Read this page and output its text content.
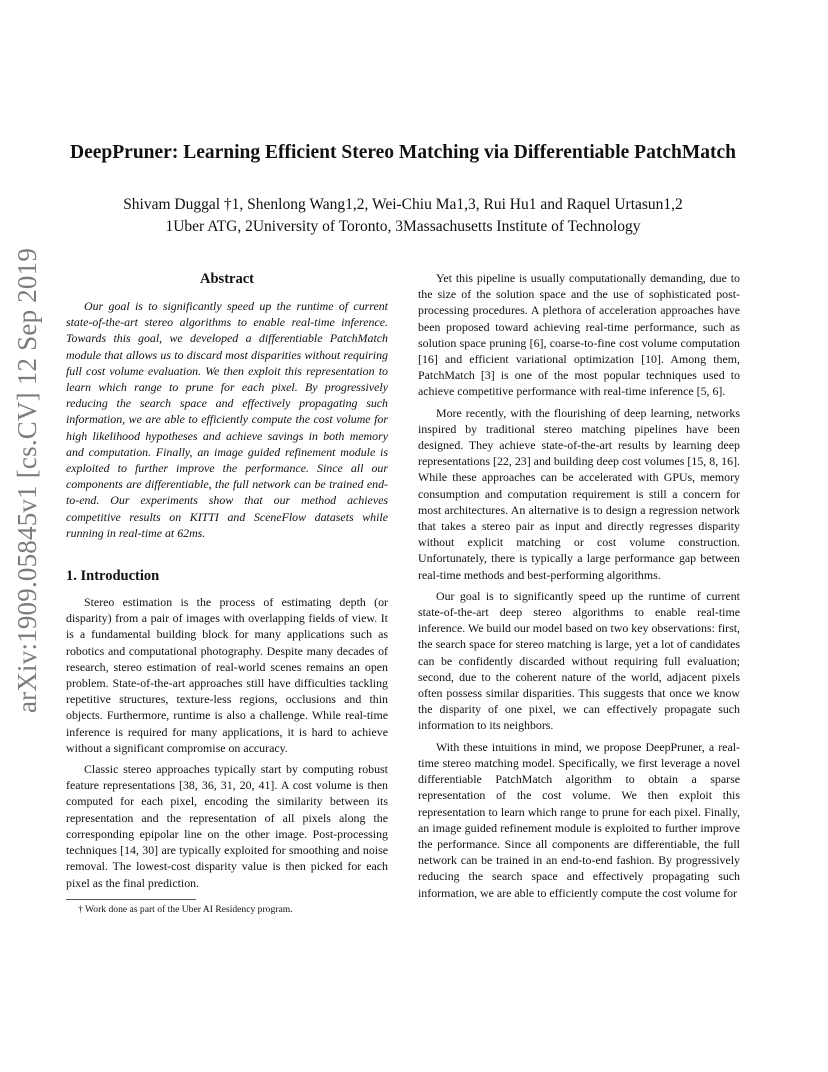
arXiv:1909.05845v1 [cs.CV] 12 Sep 2019
DeepPruner: Learning Efficient Stereo Matching via Differentiable PatchMatch
Shivam Duggal †1, Shenlong Wang1,2, Wei-Chiu Ma1,3, Rui Hu1 and Raquel Urtasun1,2
1Uber ATG, 2University of Toronto, 3Massachusetts Institute of Technology
Abstract

Our goal is to significantly speed up the runtime of current state-of-the-art stereo algorithms to enable real-time inference. Towards this goal, we developed a differentiable PatchMatch module that allows us to discard most disparities without requiring full cost volume evaluation. We then exploit this representation to learn which range to prune for each pixel. By progressively reducing the search space and effectively propagating such information, we are able to efficiently compute the cost volume for high likelihood hypotheses and achieve savings in both memory and computation. Finally, an image guided refinement module is exploited to further improve the performance. Since all our components are differentiable, the full network can be trained end-to-end. Our experiments show that our method achieves competitive results on KITTI and SceneFlow datasets while running in real-time at 62ms.

1. Introduction

Stereo estimation is the process of estimating depth (or disparity) from a pair of images with overlapping fields of view. It is a fundamental building block for many applications such as robotics and computational photography. Despite many decades of research, stereo estimation of real-world scenes remains an open problem. State-of-the-art approaches still have difficulties tackling repetitive structures, texture-less regions, occlusions and thin objects. Furthermore, runtime is also a challenge. While real-time inference is required for many applications, it is hard to achieve without a significant compromise on accuracy.

Classic stereo approaches typically start by computing robust feature representations [38, 36, 31, 20, 41]. A cost volume is then computed for each pixel, encoding the similarity between its representation and the representation of all pixels along the corresponding epipolar line on the other image. Post-processing techniques [14, 30] are typically exploited for smoothing and noise removal. The lowest-cost disparity value is then picked for each pixel as the final prediction.

† Work done as part of the Uber AI Residency program.

Yet this pipeline is usually computationally demanding, due to the size of the solution space and the use of sophisticated post-processing procedures. A plethora of acceleration approaches have been proposed toward achieving real-time performance, such as solution space pruning [6], coarse-to-fine cost volume computation [16] and efficient variational optimization [10]. Among them, PatchMatch [3] is one of the most popular techniques used to achieve competitive performance with real-time inference [5, 6].

More recently, with the flourishing of deep learning, networks inspired by traditional stereo matching pipelines have been designed. They achieve state-of-the-art results by learning deep representations [22, 23] and building deep cost volumes [15, 8, 16]. While these approaches can be accelerated with GPUs, memory consumption and computation requirement is still a concern for most architectures. An alternative is to design a regression network that takes a stereo pair as input and directly regresses disparity without explicit matching or cost volume construction. Unfortunately, there is typically a large performance gap between real-time methods and best-performing algorithms.

Our goal is to significantly speed up the runtime of current state-of-the-art deep stereo algorithms to enable real-time inference. We build our model based on two key observations: first, the search space for stereo matching is large, yet a lot of candidates can be confidently discarded without requiring full evaluation; second, due to the coherent nature of the world, adjacent pixels often possess similar disparities. This suggests that once we know the disparity of one pixel, we can effectively propagate such information to its neighbors.

With these intuitions in mind, we propose DeepPruner, a real-time stereo matching model. Specifically, we first leverage a novel differentiable PatchMatch algorithm to obtain a sparse representation of the cost volume. We then exploit this representation to learn which range to prune for each pixel. Finally, an image guided refinement module is exploited to further improve the performance. Since all components are differentiable, the full network can be trained in an end-to-end fashion. By progressively reducing the search space and effectively propagating such information, we are able to efficiently compute the cost volume for
